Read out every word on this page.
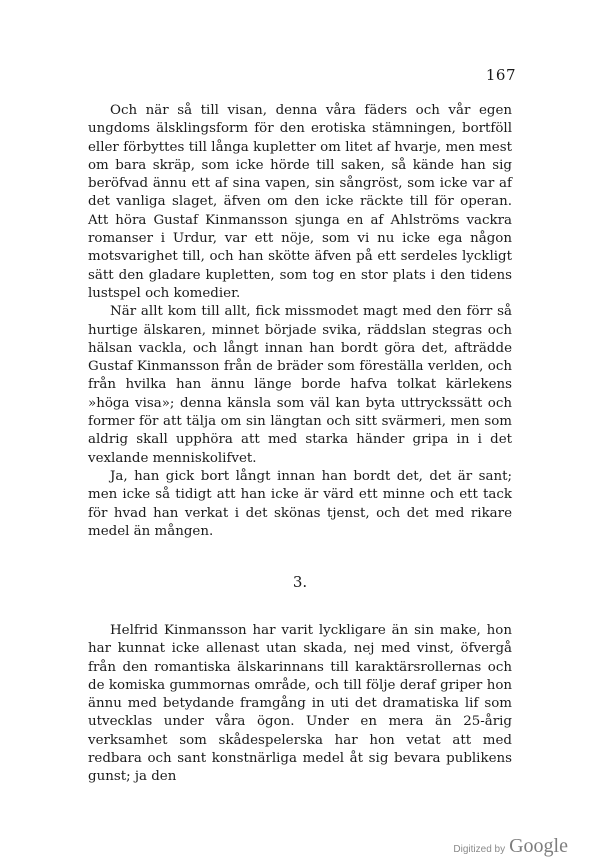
167

Och när så till visan, denna våra fäders och vår egen ungdoms älsklingsform för den erotiska stämningen, bortföll eller förbyttes till långa kupletter om litet af hvarje, men mest om bara skräp, som icke hörde till saken, så kände han sig beröfvad ännu ett af sina vapen, sin sångröst, som icke var af det vanliga slaget, äfven om den icke räckte till för operan. Att höra Gustaf Kinmansson sjunga en af Ahlströms vackra romanser i Urdur, var ett nöje, som vi nu icke ega någon motsvarighet till, och han skötte äfven på ett serdeles lyckligt sätt den gladare kupletten, som tog en stor plats i den tidens lustspel och komedier.

När allt kom till allt, fick missmodet magt med den förr så hurtige älskaren, minnet började svika, räddslan stegras och hälsan vackla, och långt innan han bordt göra det, afträdde Gustaf Kinmansson från de bräder som föreställa verlden, och från hvilka han ännu länge borde hafva tolkat kärlekens »höga visa»; denna känsla som väl kan byta uttryckssätt och former för att tälja om sin längtan och sitt svärmeri, men som aldrig skall upphöra att med starka händer gripa in i det vexlande menniskolifvet.

Ja, han gick bort långt innan han bordt det, det är sant; men icke så tidigt att han icke är värd ett minne och ett tack för hvad han verkat i det skönas tjenst, och det med rikare medel än mången.

3.

Helfrid Kinmansson har varit lyckligare än sin make, hon har kunnat icke allenast utan skada, nej med vinst, öfvergå från den romantiska älskarinnans till karaktärsrollernas och de komiska gummornas område, och till följe deraf griper hon ännu med betydande framgång in uti det dramatiska lif som utvecklas under våra ögon. Under en mera än 25-årig verksamhet som skådespelerska har hon vetat att med redbara och sant konstnärliga medel åt sig bevara publikens gunst; ja den

Digitized by Google
